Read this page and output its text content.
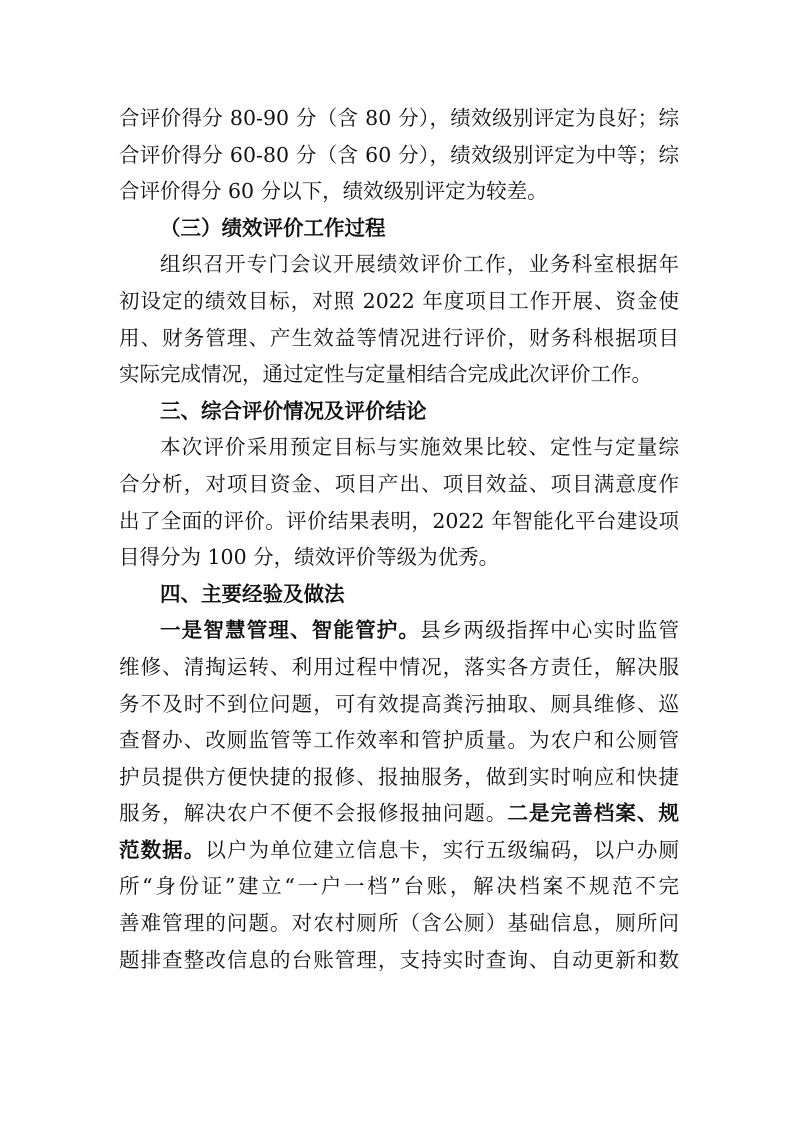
合评价得分 80-90 分（含 80 分），绩效级别评定为良好；综
合评价得分 60-80 分（含 60 分），绩效级别评定为中等；综
合评价得分 60 分以下，绩效级别评定为较差。
（三）绩效评价工作过程
组织召开专门会议开展绩效评价工作，业务科室根据年
初设定的绩效目标，对照 2022 年度项目工作开展、资金使
用、财务管理、产生效益等情况进行评价，财务科根据项目
实际完成情况，通过定性与定量相结合完成此次评价工作。
三、综合评价情况及评价结论
本次评价采用预定目标与实施效果比较、定性与定量综
合分析，对项目资金、项目产出、项目效益、项目满意度作
出了全面的评价。评价结果表明，2022 年智能化平台建设项
目得分为 100 分，绩效评价等级为优秀。
四、主要经验及做法
一是智慧管理、智能管护。县乡两级指挥中心实时监管
维修、清掏运转、利用过程中情况，落实各方责任，解决服
务不及时不到位问题，可有效提高粪污抽取、厕具维修、巡
查督办、改厕监管等工作效率和管护质量。为农户和公厕管
护员提供方便快捷的报修、报抽服务，做到实时响应和快捷
服务，解决农户不便不会报修报抽问题。二是完善档案、规
范数据。以户为单位建立信息卡，实行五级编码，以户办厕
所“身份证”建立“一户一档”台账，解决档案不规范不完
善难管理的问题。对农村厕所（含公厕）基础信息，厕所问
题排查整改信息的台账管理，支持实时查询、自动更新和数
